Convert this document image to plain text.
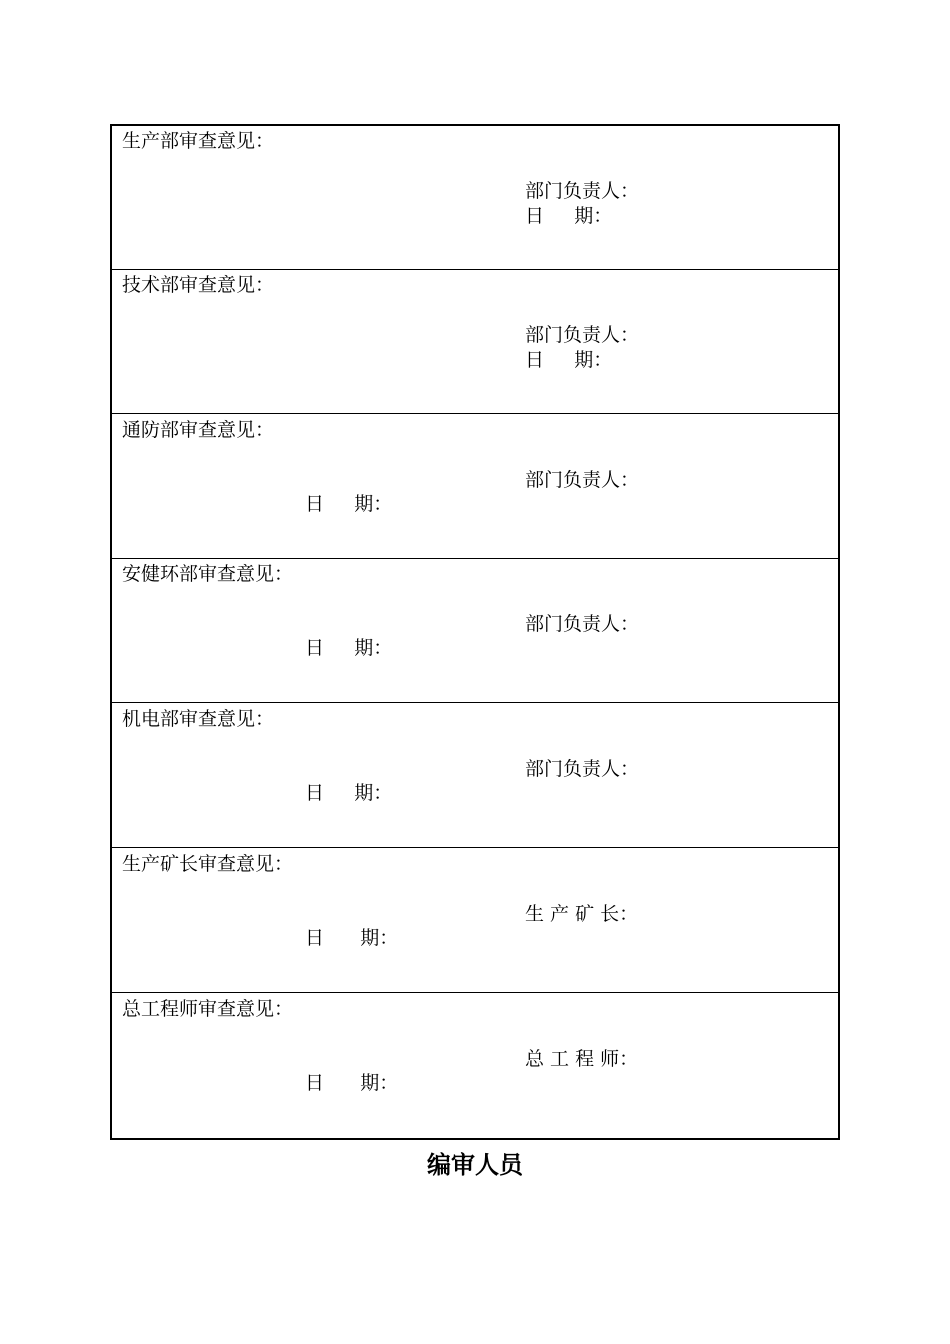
生产部审查意见：
部门负责人：
日     期：
技术部审查意见：
部门负责人：
日     期：
通防部审查意见：
部门负责人：
日     期：
安健环部审查意见：
部门负责人：
日     期：
机电部审查意见：
部门负责人：
日     期：
生产矿长审查意见：
生 产 矿 长：
日      期：
总工程师审查意见：
总 工 程 师：
日      期：
编审人员
